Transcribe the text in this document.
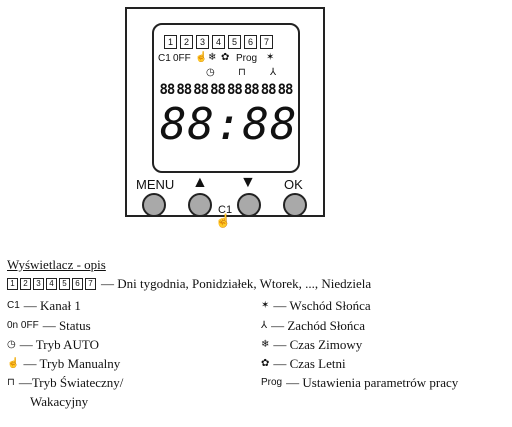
1	2	3	4	5	6	7
C1 0FF ☝ ❄ ✿ Prog ✶
◷ ⊓ ⅄
88 88 88 88 88 88 88 88
88:88
MENU ▲ ▼ OK
C1
☝
Wyświetlacz - opis
1	2	3	4	5	6	7 — Dni tygodnia, Ponidziałek, Wtorek, ..., Niedziela
C1 — Kanał 1
0n 0FF — Status
◷ — Tryb AUTO
☝ — Tryb Manualny
⊓ —Tryb Świateczny/
Wakacyjny
✶ — Wschód Słońca
⅄ — Zachód Słońca
❄ — Czas Zimowy
✿ — Czas Letni
Prog — Ustawienia parametrów pracy
